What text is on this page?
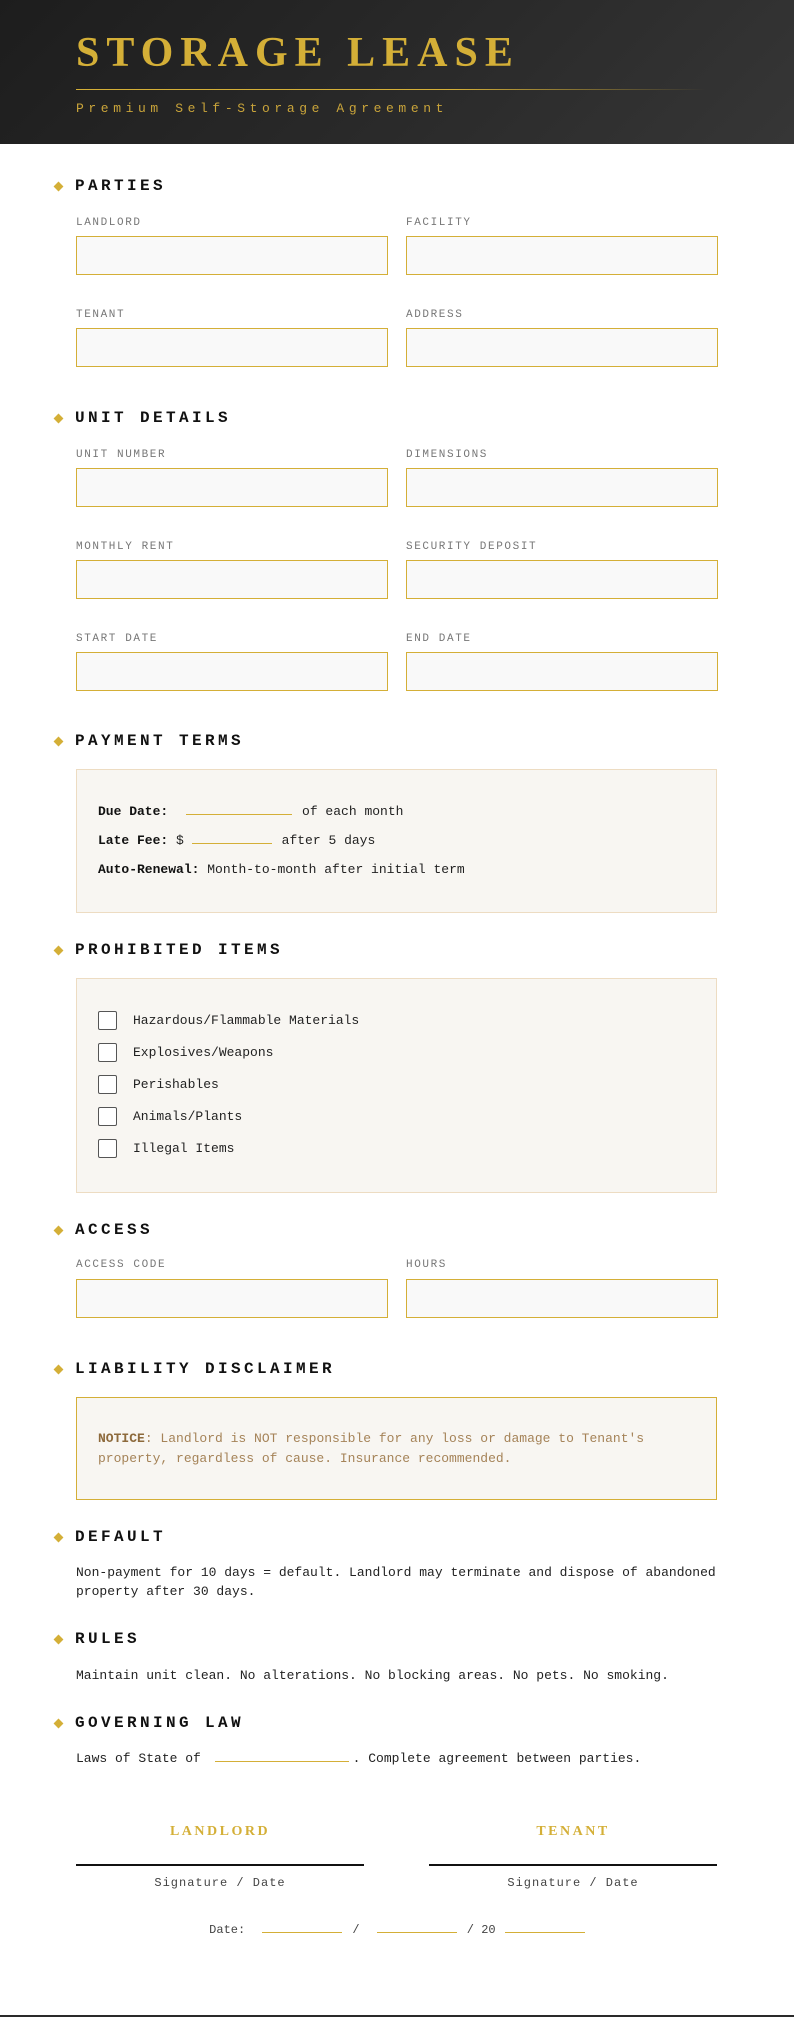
STORAGE LEASE
Premium Self-Storage Agreement
PARTIES
LANDLORD	FACILITY
TENANT	ADDRESS
UNIT DETAILS
UNIT NUMBER	DIMENSIONS
MONTHLY RENT	SECURITY DEPOSIT
START DATE	END DATE
PAYMENT TERMS
Due Date:	of each month
Late Fee: $	after 5 days
Auto-Renewal: Month-to-month after initial term
PROHIBITED ITEMS
Hazardous/Flammable Materials
Explosives/Weapons
Perishables
Animals/Plants
Illegal Items
ACCESS
ACCESS CODE	HOURS
LIABILITY DISCLAIMER
NOTICE: Landlord is NOT responsible for any loss or damage to Tenant's property, regardless of cause. Insurance recommended.
DEFAULT
Non-payment for 10 days = default. Landlord may terminate and dispose of abandoned property after 30 days.
RULES
Maintain unit clean. No alterations. No blocking areas. No pets. No smoking.
GOVERNING LAW
Laws of State of	. Complete agreement between parties.
LANDLORD	TENANT
Signature / Date	Signature / Date
Date:	/	/ 20
